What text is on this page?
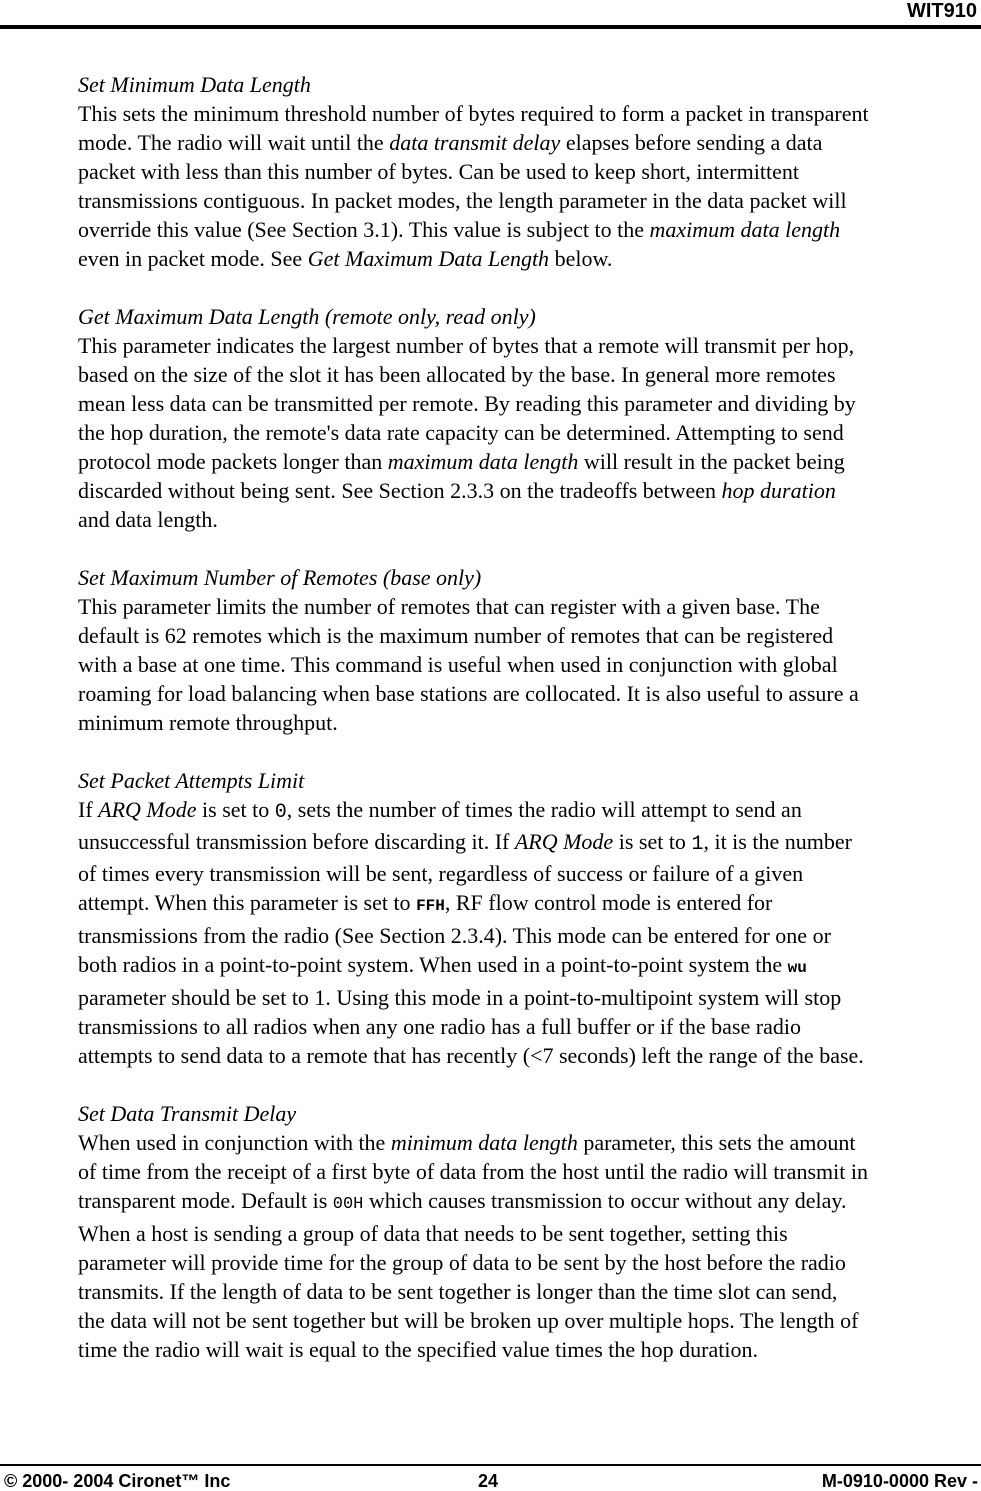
WIT910
Set Minimum Data Length
This sets the minimum threshold number of bytes required to form a packet in transparent
mode. The radio will wait until the data transmit delay elapses before sending a data
packet with less than this number of bytes. Can be used to keep short, intermittent
transmissions contiguous. In packet modes, the length parameter in the data packet will
override this value (See Section 3.1). This value is subject to the maximum data length
even in packet mode. See Get Maximum Data Length below.
Get Maximum Data Length (remote only, read only)
This parameter indicates the largest number of bytes that a remote will transmit per hop,
based on the size of the slot it has been allocated by the base. In general more remotes
mean less data can be transmitted per remote. By reading this parameter and dividing by
the hop duration, the remote's data rate capacity can be determined. Attempting to send
protocol mode packets longer than maximum data length will result in the packet being
discarded without being sent. See Section 2.3.3 on the tradeoffs between hop duration
and data length.
Set Maximum Number of Remotes (base only)
This parameter limits the number of remotes that can register with a given base. The
default is 62 remotes which is the maximum number of remotes that can be registered
with a base at one time. This command is useful when used in conjunction with global
roaming for load balancing when base stations are collocated. It is also useful to assure a
minimum remote throughput.
Set Packet Attempts Limit
If ARQ Mode is set to 0, sets the number of times the radio will attempt to send an
unsuccessful transmission before discarding it. If ARQ Mode is set to 1, it is the number
of times every transmission will be sent, regardless of success or failure of a given
attempt. When this parameter is set to FFH, RF flow control mode is entered for
transmissions from the radio (See Section 2.3.4). This mode can be entered for one or
both radios in a point-to-point system. When used in a point-to-point system the wu
parameter should be set to 1. Using this mode in a point-to-multipoint system will stop
transmissions to all radios when any one radio has a full buffer or if the base radio
attempts to send data to a remote that has recently (<7 seconds) left the range of the base.
Set Data Transmit Delay
When used in conjunction with the minimum data length parameter, this sets the amount
of time from the receipt of a first byte of data from the host until the radio will transmit in
transparent mode. Default is 00H which causes transmission to occur without any delay.
When a host is sending a group of data that needs to be sent together, setting this
parameter will provide time for the group of data to be sent by the host before the radio
transmits. If the length of data to be sent together is longer than the time slot can send,
the data will not be sent together but will be broken up over multiple hops. The length of
time the radio will wait is equal to the specified value times the hop duration.
© 2000- 2004 Cironet™ Inc	24	M-0910-0000 Rev -
